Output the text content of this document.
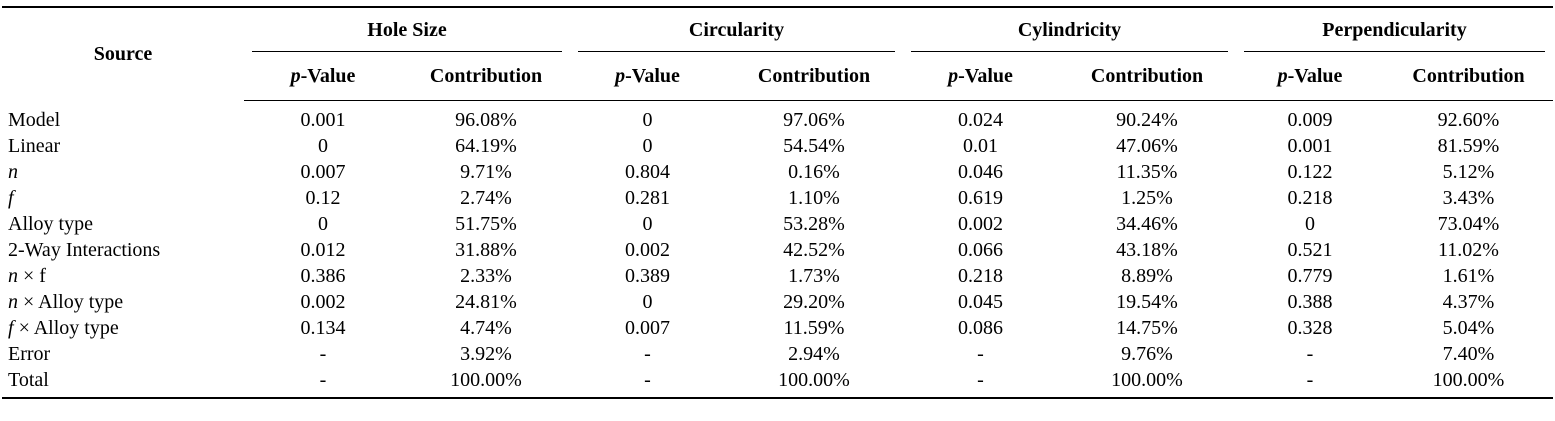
Source	Hole Size		Circularity		Cylindricity		Perpendicularity	
	p-Value	Contribution	p-Value	Contribution	p-Value	Contribution	p-Value	Contribution
Model	0.001	96.08%	0	97.06%	0.024	90.24%	0.009	92.60%
Linear	0	64.19%	0	54.54%	0.01	47.06%	0.001	81.59%
n	0.007	9.71%	0.804	0.16%	0.046	11.35%	0.122	5.12%
f	0.12	2.74%	0.281	1.10%	0.619	1.25%	0.218	3.43%
Alloy type	0	51.75%	0	53.28%	0.002	34.46%	0	73.04%
2-Way Interactions	0.012	31.88%	0.002	42.52%	0.066	43.18%	0.521	11.02%
n × f	0.386	2.33%	0.389	1.73%	0.218	8.89%	0.779	1.61%
n × Alloy type	0.002	24.81%	0	29.20%	0.045	19.54%	0.388	4.37%
f × Alloy type	0.134	4.74%	0.007	11.59%	0.086	14.75%	0.328	5.04%
Error	-	3.92%	-	2.94%	-	9.76%	-	7.40%
Total	-	100.00%	-	100.00%	-	100.00%	-	100.00%
